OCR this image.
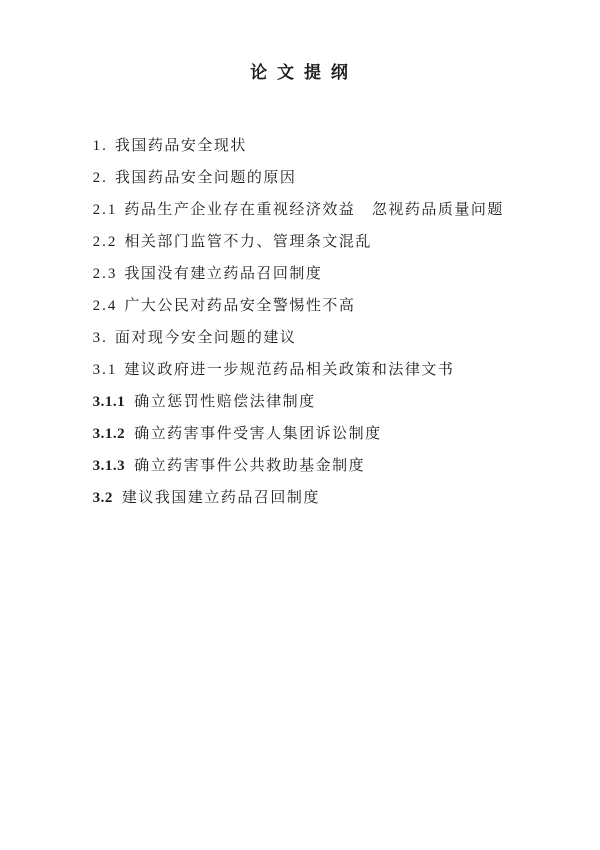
论 文 提 纲

1. 我国药品安全现状

2. 我国药品安全问题的原因

2.1 药品生产企业存在重视经济效益　忽视药品质量问题

2.2 相关部门监管不力、管理条文混乱

2.3 我国没有建立药品召回制度

2.4 广大公民对药品安全警惕性不高

3. 面对现今安全问题的建议

3.1 建议政府进一步规范药品相关政策和法律文书

3.1.1 确立惩罚性赔偿法律制度

3.1.2 确立药害事件受害人集团诉讼制度

3.1.3 确立药害事件公共救助基金制度

3.2 建议我国建立药品召回制度
